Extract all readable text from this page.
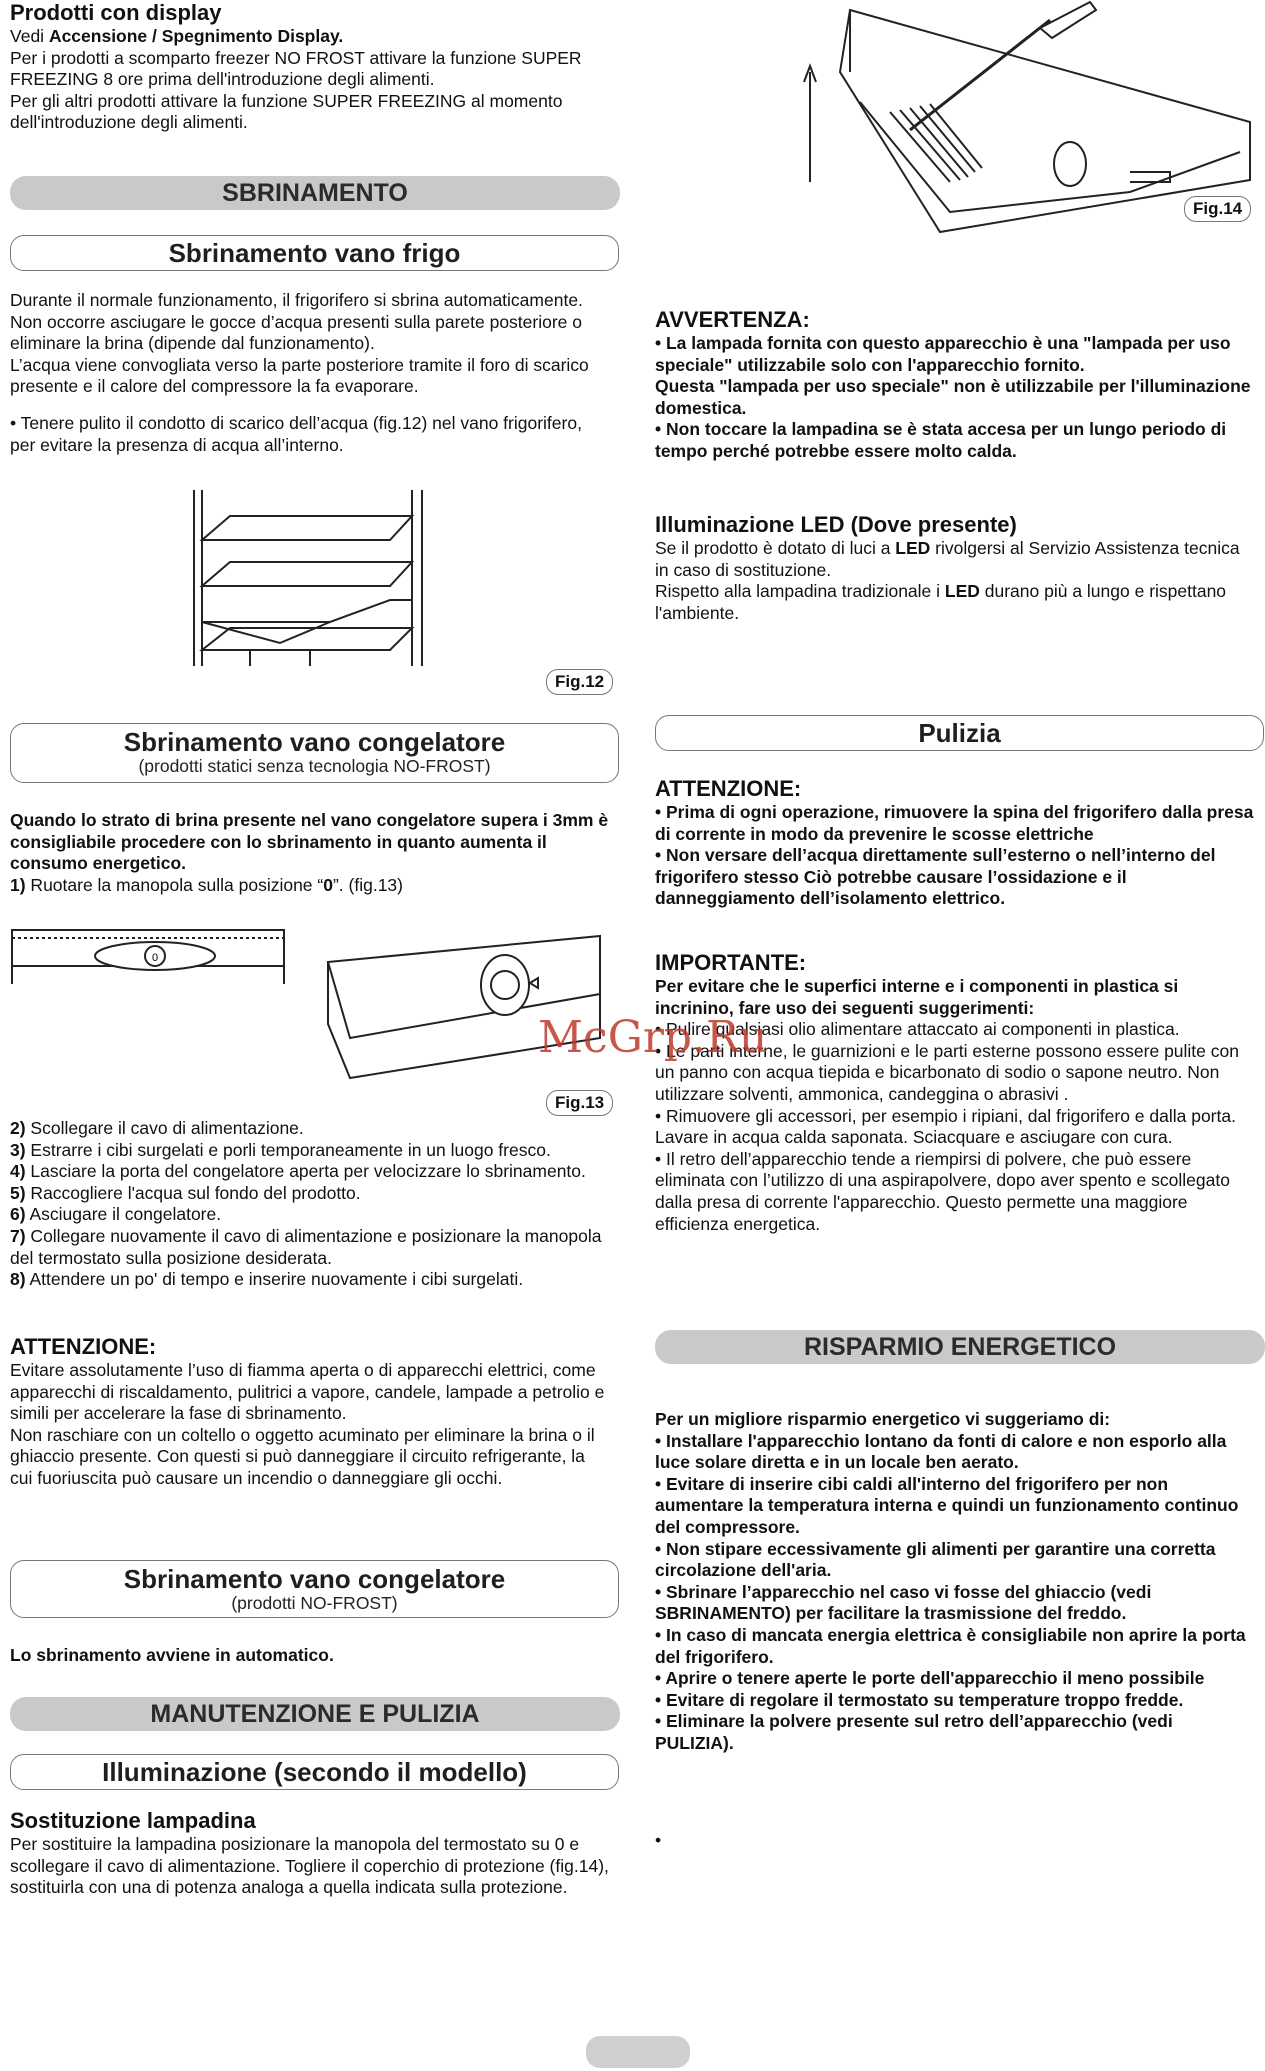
Prodotti con display

Vedi Accensione / Spegnimento Display.

Per i prodotti a scomparto freezer NO FROST attivare la funzione SUPER FREEZING 8 ore prima dell'introduzione degli alimenti.
Per gli altri prodotti attivare la funzione SUPER FREEZING al momento dell'introduzione degli alimenti.

SBRINAMENTO
Sbrinamento vano frigo

Durante il normale funzionamento, il frigorifero si sbrina automaticamente. Non occorre asciugare le gocce d’acqua presenti sulla parete posteriore o eliminare la brina (dipende dal funzionamento).
L’acqua viene convogliata verso la parte posteriore tramite il foro di scarico presente e il calore del compressore la fa evaporare.

• Tenere pulito il condotto di scarico dell’acqua (fig.12) nel vano frigorifero, per evitare la presenza di acqua all’interno.

Fig.12
Sbrinamento vano congelatore
(prodotti statici senza tecnologia NO-FROST)

Quando lo strato di brina presente nel vano congelatore supera i 3mm è consigliabile procedere con lo sbrinamento in quanto aumenta il consumo energetico.

1) Ruotare la manopola sulla posizione “0”. (fig.13)

0
Fig.13

2) Scollegare il cavo di alimentazione.

3) Estrarre i cibi surgelati e porli temporaneamente in un luogo fresco.

4) Lasciare la porta del congelatore aperta per velocizzare lo sbrinamento.

5) Raccogliere l'acqua sul fondo del prodotto.

6) Asciugare il congelatore.

7) Collegare nuovamente il cavo di alimentazione e posizionare la manopola del termostato sulla posizione desiderata.

8) Attendere un po' di tempo e inserire nuovamente i cibi surgelati.

ATTENZIONE:

Evitare assolutamente l’uso di fiamma aperta o di apparecchi elettrici, come apparecchi di riscaldamento, pulitrici a vapore, candele, lampade a petrolio e simili per accelerare la fase di sbrinamento.
Non raschiare con un coltello o oggetto acuminato per eliminare la brina o il ghiaccio presente. Con questi si può danneggiare il circuito refrigerante, la cui fuoriuscita può causare un incendio o danneggiare gli occhi.

Sbrinamento vano congelatore
(prodotti NO-FROST)

Lo sbrinamento avviene in automatico.

MANUTENZIONE E PULIZIA
Illuminazione (secondo il modello)

Sostituzione lampadina

Per sostituire la lampadina posizionare la manopola del termostato su 0 e scollegare il cavo di alimentazione. Togliere il coperchio di protezione (fig.14), sostituirla con una di potenza analoga a quella indicata sulla protezione.

Fig.14

AVVERTENZA:

• La lampada fornita con questo apparecchio è una "lampada per uso speciale" utilizzabile solo con l'apparecchio fornito.
Questa "lampada per uso speciale" non è utilizzabile per l'illuminazione domestica.
• Non toccare la lampadina se è stata accesa per un lungo periodo di tempo perché potrebbe essere molto calda.

Illuminazione LED (Dove presente)

Se il prodotto è dotato di luci a LED rivolgersi al Servizio Assistenza tecnica in caso di sostituzione.

Rispetto alla lampadina tradizionale i LED durano più a lungo e rispettano l'ambiente.

Pulizia

ATTENZIONE:

• Prima di ogni operazione, rimuovere la spina del frigorifero dalla presa di corrente in modo da prevenire le scosse elettriche
• Non versare dell’acqua direttamente sull’esterno o nell’interno del frigorifero stesso Ciò potrebbe causare l’ossidazione e il danneggiamento dell’isolamento elettrico.

IMPORTANTE:

Per evitare che le superfici interne e i componenti in plastica si incrinino, fare uso dei seguenti suggerimenti:

• Pulire qualsiasi olio alimentare attaccato ai componenti in plastica.
• Le parti interne, le guarnizioni e le parti esterne possono essere pulite con un panno con acqua tiepida e bicarbonato di sodio o sapone neutro. Non utilizzare solventi, ammonica, candeggina o abrasivi .
• Rimuovere gli accessori, per esempio i ripiani, dal frigorifero e dalla porta. Lavare in acqua calda saponata. Sciacquare e asciugare con cura.
• Il retro dell’apparecchio tende a riempirsi di polvere, che può essere eliminata con l’utilizzo di una aspirapolvere, dopo aver spento e scollegato dalla presa di corrente l'apparecchio. Questo permette una maggiore efficienza energetica.

RISPARMIO ENERGETICO

Per un migliore risparmio energetico vi suggeriamo di:

• Installare l'apparecchio lontano da fonti di calore e non esporlo alla luce solare diretta e in un locale ben aerato.
• Evitare di inserire cibi caldi all'interno del frigorifero per non aumentare la temperatura interna e quindi un funzionamento continuo del compressore.
• Non stipare eccessivamente gli alimenti per garantire una corretta circolazione dell'aria.
• Sbrinare l’apparecchio nel caso vi fosse del ghiaccio (vedi SBRINAMENTO) per facilitare la trasmissione del freddo.
• In caso di mancata energia elettrica è consigliabile non aprire la porta del frigorifero.
• Aprire o tenere aperte le porte dell'apparecchio il meno possibile
• Evitare di regolare il termostato su temperature troppo fredde.
• Eliminare la polvere presente sul retro dell’apparecchio (vedi PULIZIA).

•

McGrp.Ru
